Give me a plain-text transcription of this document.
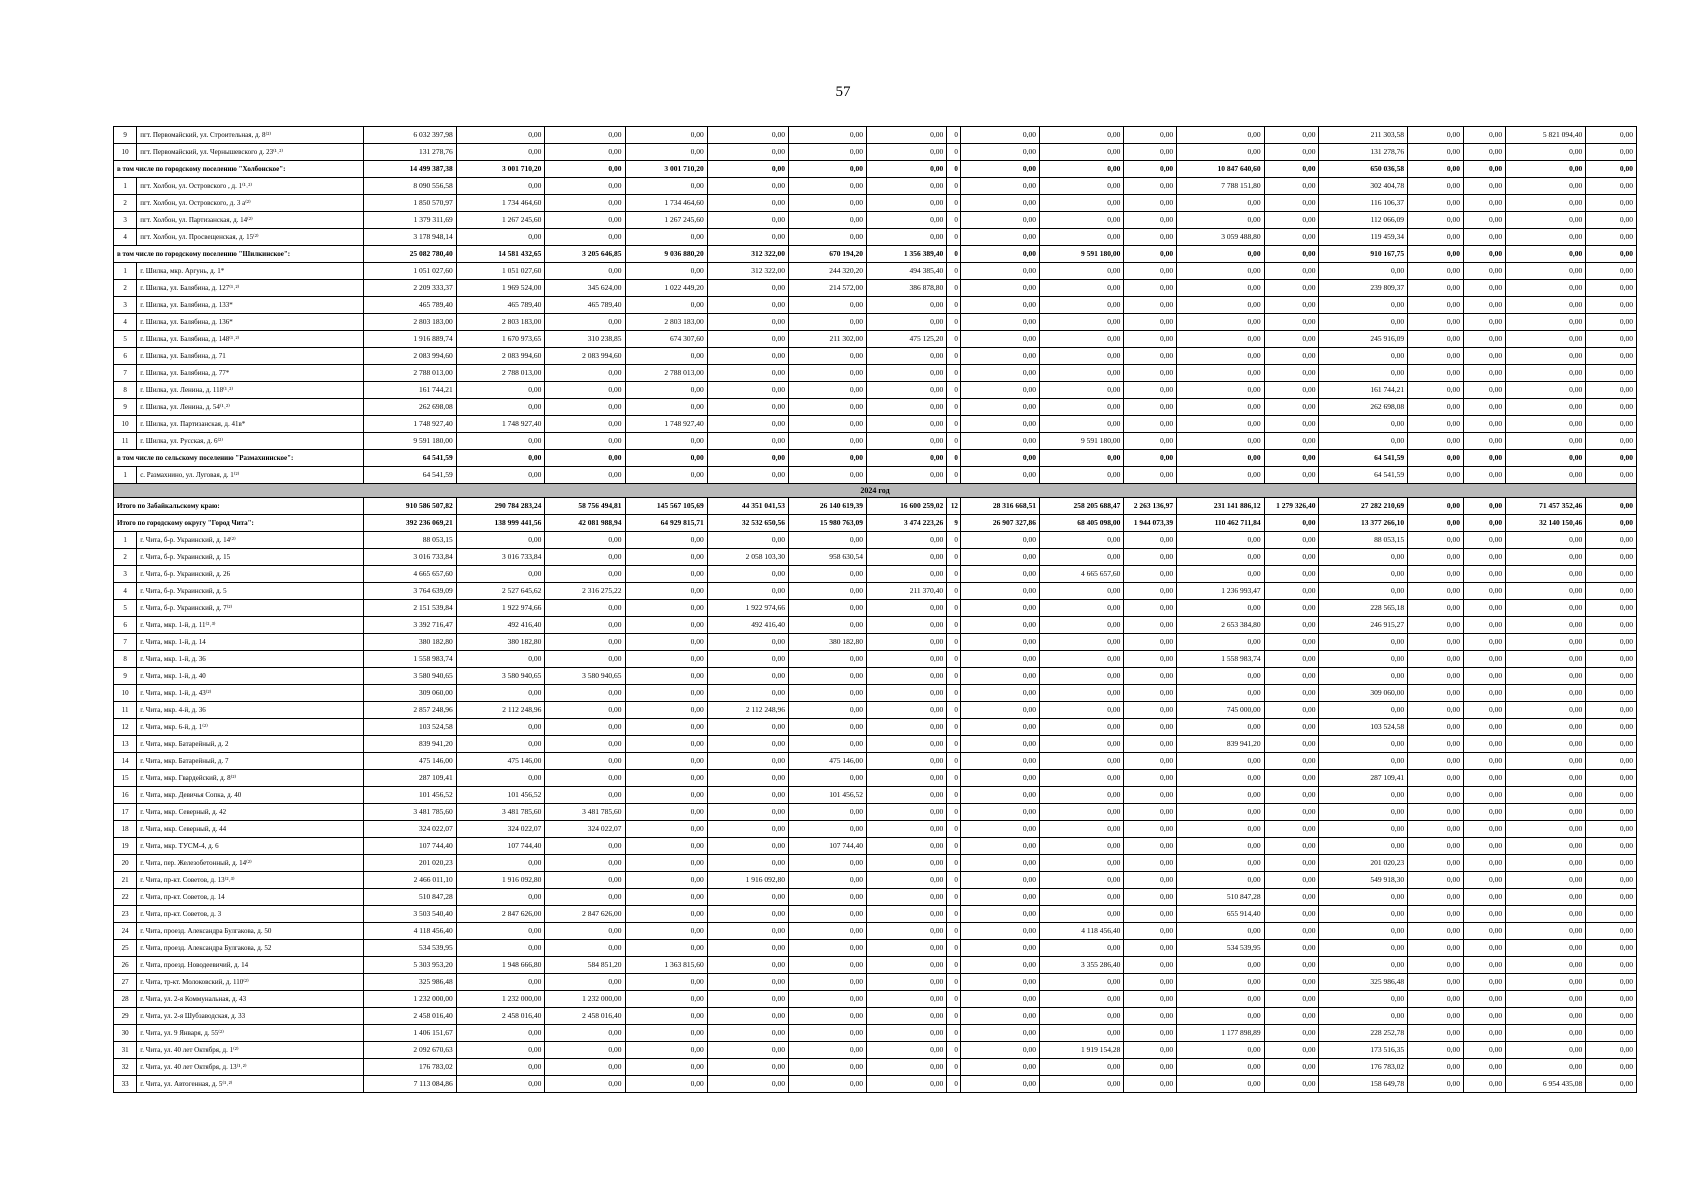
57
9	пгт. Первомайский, ул. Строительная, д. 8⁽²⁾	6 032 397,98	0,00	0,00	0,00	0,00	0,00	0,00	0	0,00	0,00	0,00	0,00	0,00	211 303,58	0,00	0,00	5 821 094,40	0,00
10	пгт. Первомайский, ул. Чернышевского д. 23⁽¹˒²⁾	131 278,76	0,00	0,00	0,00	0,00	0,00	0,00	0	0,00	0,00	0,00	0,00	0,00	131 278,76	0,00	0,00	0,00	0,00
в том числе по городскому поселению "Холбонское":		14 499 387,38	3 001 710,20	0,00	3 001 710,20	0,00	0,00	0,00	0	0,00	0,00	0,00	10 847 640,60	0,00	650 036,58	0,00	0,00	0,00	0,00
1	пгт. Холбон, ул. Островского , д. 1⁽¹˒²⁾	8 090 556,58	0,00	0,00	0,00	0,00	0,00	0,00	0	0,00	0,00	0,00	7 788 151,80	0,00	302 404,78	0,00	0,00	0,00	0,00
2	пгт. Холбон, ул. Островского, д. 3 а⁽²⁾	1 850 570,97	1 734 464,60	0,00	1 734 464,60	0,00	0,00	0,00	0	0,00	0,00	0,00	0,00	0,00	116 106,37	0,00	0,00	0,00	0,00
3	пгт. Холбон, ул. Партизанская, д. 14⁽²⁾	1 379 311,69	1 267 245,60	0,00	1 267 245,60	0,00	0,00	0,00	0	0,00	0,00	0,00	0,00	0,00	112 066,09	0,00	0,00	0,00	0,00
4	пгт. Холбон, ул. Просвещенская, д. 15⁽²⁾	3 178 948,14	0,00	0,00	0,00	0,00	0,00	0,00	0	0,00	0,00	0,00	3 059 488,80	0,00	119 459,34	0,00	0,00	0,00	0,00
в том числе по городскому поселению "Шилкинское":		25 082 780,40	14 581 432,65	3 205 646,85	9 036 880,20	312 322,00	670 194,20	1 356 389,40	0	0,00	9 591 180,00	0,00	0,00	0,00	910 167,75	0,00	0,00	0,00	0,00
1	г. Шилка, мкр. Аргунь, д. 1*	1 051 027,60	1 051 027,60	0,00	0,00	312 322,00	244 320,20	494 385,40	0	0,00	0,00	0,00	0,00	0,00	0,00	0,00	0,00	0,00	0,00
2	г. Шилка, ул. Балябина, д. 127⁽¹˒²⁾	2 209 333,37	1 969 524,00	345 624,00	1 022 449,20	0,00	214 572,00	386 878,80	0	0,00	0,00	0,00	0,00	0,00	239 809,37	0,00	0,00	0,00	0,00
3	г. Шилка, ул. Балябина, д. 133*	465 789,40	465 789,40	465 789,40	0,00	0,00	0,00	0,00	0	0,00	0,00	0,00	0,00	0,00	0,00	0,00	0,00	0,00	0,00
4	г. Шилка, ул. Балябина, д. 136*	2 803 183,00	2 803 183,00	0,00	2 803 183,00	0,00	0,00	0,00	0	0,00	0,00	0,00	0,00	0,00	0,00	0,00	0,00	0,00	0,00
5	г. Шилка, ул. Балябина, д. 148⁽¹˒²⁾	1 916 889,74	1 670 973,65	310 238,85	674 307,60	0,00	211 302,00	475 125,20	0	0,00	0,00	0,00	0,00	0,00	245 916,09	0,00	0,00	0,00	0,00
6	г. Шилка, ул. Балябина, д. 71	2 083 994,60	2 083 994,60	2 083 994,60	0,00	0,00	0,00	0,00	0	0,00	0,00	0,00	0,00	0,00	0,00	0,00	0,00	0,00	0,00
7	г. Шилка, ул. Балябина, д. 77*	2 788 013,00	2 788 013,00	0,00	2 788 013,00	0,00	0,00	0,00	0	0,00	0,00	0,00	0,00	0,00	0,00	0,00	0,00	0,00	0,00
8	г. Шилка, ул. Ленина, д. 118⁽¹˒²⁾	161 744,21	0,00	0,00	0,00	0,00	0,00	0,00	0	0,00	0,00	0,00	0,00	0,00	161 744,21	0,00	0,00	0,00	0,00
9	г. Шилка, ул. Ленина, д. 54⁽¹˒²⁾	262 698,08	0,00	0,00	0,00	0,00	0,00	0,00	0	0,00	0,00	0,00	0,00	0,00	262 698,08	0,00	0,00	0,00	0,00
10	г. Шилка, ул. Партизанская, д. 41в*	1 748 927,40	1 748 927,40	0,00	1 748 927,40	0,00	0,00	0,00	0	0,00	0,00	0,00	0,00	0,00	0,00	0,00	0,00	0,00	0,00
11	г. Шилка, ул. Русская, д. 6⁽²⁾	9 591 180,00	0,00	0,00	0,00	0,00	0,00	0,00	0	0,00	9 591 180,00	0,00	0,00	0,00	0,00	0,00	0,00	0,00	0,00
в том числе по сельскому поселению "Размахнинское":		64 541,59	0,00	0,00	0,00	0,00	0,00	0,00	0	0,00	0,00	0,00	0,00	0,00	64 541,59	0,00	0,00	0,00	0,00
1	с. Размахнино, ул. Луговая, д. 1⁽²⁾	64 541,59	0,00	0,00	0,00	0,00	0,00	0,00	0	0,00	0,00	0,00	0,00	0,00	64 541,59	0,00	0,00	0,00	0,00
2024 год																			
Итого по Забайкальскому краю:		910 586 507,82	290 784 283,24	58 756 494,81	145 567 105,69	44 351 041,53	26 140 619,39	16 600 259,02	12	28 316 668,51	258 205 688,47	2 263 136,97	231 141 886,12	1 279 326,40	27 282 210,69	0,00	0,00	71 457 352,46	0,00
Итого по городскому округу "Город Чита":		392 236 069,21	138 999 441,56	42 081 988,94	64 929 815,71	32 532 650,56	15 980 763,09	3 474 223,26	9	26 907 327,86	68 405 098,00	1 944 073,39	110 462 711,84	0,00	13 377 266,10	0,00	0,00	32 140 150,46	0,00
1	г. Чита, б-р. Украинский, д. 14⁽²⁾	88 053,15	0,00	0,00	0,00	0,00	0,00	0,00	0	0,00	0,00	0,00	0,00	0,00	88 053,15	0,00	0,00	0,00	0,00
2	г. Чита, б-р. Украинский, д. 15	3 016 733,84	3 016 733,84	0,00	0,00	2 058 103,30	958 630,54	0,00	0	0,00	0,00	0,00	0,00	0,00	0,00	0,00	0,00	0,00	0,00
3	г. Чита, б-р. Украинский, д. 26	4 665 657,60	0,00	0,00	0,00	0,00	0,00	0,00	0	0,00	4 665 657,60	0,00	0,00	0,00	0,00	0,00	0,00	0,00	0,00
4	г. Чита, б-р. Украинский, д. 5	3 764 639,09	2 527 645,62	2 316 275,22	0,00	0,00	0,00	211 370,40	0	0,00	0,00	0,00	1 236 993,47	0,00	0,00	0,00	0,00	0,00	0,00
5	г. Чита, б-р. Украинский, д. 7⁽²⁾	2 151 539,84	1 922 974,66	0,00	0,00	1 922 974,66	0,00	0,00	0	0,00	0,00	0,00	0,00	0,00	228 565,18	0,00	0,00	0,00	0,00
6	г. Чита, мкр. 1-й, д. 11⁽²˒³⁾	3 392 716,47	492 416,40	0,00	0,00	492 416,40	0,00	0,00	0	0,00	0,00	0,00	2 653 384,80	0,00	246 915,27	0,00	0,00	0,00	0,00
7	г. Чита, мкр. 1-й, д. 14	380 182,80	380 182,80	0,00	0,00	0,00	380 182,80	0,00	0	0,00	0,00	0,00	0,00	0,00	0,00	0,00	0,00	0,00	0,00
8	г. Чита, мкр. 1-й, д. 36	1 558 983,74	0,00	0,00	0,00	0,00	0,00	0,00	0	0,00	0,00	0,00	1 558 983,74	0,00	0,00	0,00	0,00	0,00	0,00
9	г. Чита, мкр. 1-й, д. 40	3 580 940,65	3 580 940,65	3 580 940,65	0,00	0,00	0,00	0,00	0	0,00	0,00	0,00	0,00	0,00	0,00	0,00	0,00	0,00	0,00
10	г. Чита, мкр. 1-й, д. 43⁽²⁾	309 060,00	0,00	0,00	0,00	0,00	0,00	0,00	0	0,00	0,00	0,00	0,00	0,00	309 060,00	0,00	0,00	0,00	0,00
11	г. Чита, мкр. 4-й, д. 36	2 857 248,96	2 112 248,96	0,00	0,00	2 112 248,96	0,00	0,00	0	0,00	0,00	0,00	745 000,00	0,00	0,00	0,00	0,00	0,00	0,00
12	г. Чита, мкр. 6-й, д. 1⁽²⁾	103 524,58	0,00	0,00	0,00	0,00	0,00	0,00	0	0,00	0,00	0,00	0,00	0,00	103 524,58	0,00	0,00	0,00	0,00
13	г. Чита, мкр. Батарейный, д. 2	839 941,20	0,00	0,00	0,00	0,00	0,00	0,00	0	0,00	0,00	0,00	839 941,20	0,00	0,00	0,00	0,00	0,00	0,00
14	г. Чита, мкр. Батарейный, д. 7	475 146,00	475 146,00	0,00	0,00	0,00	475 146,00	0,00	0	0,00	0,00	0,00	0,00	0,00	0,00	0,00	0,00	0,00	0,00
15	г. Чита, мкр. Гвардейский, д. 8⁽²⁾	287 109,41	0,00	0,00	0,00	0,00	0,00	0,00	0	0,00	0,00	0,00	0,00	0,00	287 109,41	0,00	0,00	0,00	0,00
16	г. Чита, мкр. Девичья Сопка, д. 40	101 456,52	101 456,52	0,00	0,00	0,00	101 456,52	0,00	0	0,00	0,00	0,00	0,00	0,00	0,00	0,00	0,00	0,00	0,00
17	г. Чита, мкр. Северный, д. 42	3 481 785,60	3 481 785,60	3 481 785,60	0,00	0,00	0,00	0,00	0	0,00	0,00	0,00	0,00	0,00	0,00	0,00	0,00	0,00	0,00
18	г. Чита, мкр. Северный, д. 44	324 022,07	324 022,07	324 022,07	0,00	0,00	0,00	0,00	0	0,00	0,00	0,00	0,00	0,00	0,00	0,00	0,00	0,00	0,00
19	г. Чита, мкр. ТУСМ-4, д. 6	107 744,40	107 744,40	0,00	0,00	0,00	107 744,40	0,00	0	0,00	0,00	0,00	0,00	0,00	0,00	0,00	0,00	0,00	0,00
20	г. Чита, пер. Железобетонный, д. 14⁽²⁾	201 020,23	0,00	0,00	0,00	0,00	0,00	0,00	0	0,00	0,00	0,00	0,00	0,00	201 020,23	0,00	0,00	0,00	0,00
21	г. Чита, пр-кт. Советов, д. 13⁽²˒³⁾	2 466 011,10	1 916 092,80	0,00	0,00	1 916 092,80	0,00	0,00	0	0,00	0,00	0,00	0,00	0,00	549 918,30	0,00	0,00	0,00	0,00
22	г. Чита, пр-кт. Советов, д. 14	510 847,28	0,00	0,00	0,00	0,00	0,00	0,00	0	0,00	0,00	0,00	510 847,28	0,00	0,00	0,00	0,00	0,00	0,00
23	г. Чита, пр-кт. Советов, д. 3	3 503 540,40	2 847 626,00	2 847 626,00	0,00	0,00	0,00	0,00	0	0,00	0,00	0,00	655 914,40	0,00	0,00	0,00	0,00	0,00	0,00
24	г. Чита, проезд. Александра Булгакова, д. 50	4 118 456,40	0,00	0,00	0,00	0,00	0,00	0,00	0	0,00	4 118 456,40	0,00	0,00	0,00	0,00	0,00	0,00	0,00	0,00
25	г. Чита, проезд. Александра Булгакова, д. 52	534 539,95	0,00	0,00	0,00	0,00	0,00	0,00	0	0,00	0,00	0,00	534 539,95	0,00	0,00	0,00	0,00	0,00	0,00
26	г. Чита, проезд. Новодеевичий, д. 14	5 303 953,20	1 948 666,80	584 851,20	1 363 815,60	0,00	0,00	0,00	0	0,00	3 355 286,40	0,00	0,00	0,00	0,00	0,00	0,00	0,00	0,00
27	г. Чита, тр-кт. Молоковский, д. 110⁽²⁾	325 986,48	0,00	0,00	0,00	0,00	0,00	0,00	0	0,00	0,00	0,00	0,00	0,00	325 986,48	0,00	0,00	0,00	0,00
28	г. Чита, ул. 2-я Коммунальная, д. 43	1 232 000,00	1 232 000,00	1 232 000,00	0,00	0,00	0,00	0,00	0	0,00	0,00	0,00	0,00	0,00	0,00	0,00	0,00	0,00	0,00
29	г. Чита, ул. 2-я Шубзаводская, д. 33	2 458 016,40	2 458 016,40	2 458 016,40	0,00	0,00	0,00	0,00	0	0,00	0,00	0,00	0,00	0,00	0,00	0,00	0,00	0,00	0,00
30	г. Чита, ул. 9 Января, д. 55⁽²⁾	1 406 151,67	0,00	0,00	0,00	0,00	0,00	0,00	0	0,00	0,00	0,00	1 177 898,89	0,00	228 252,78	0,00	0,00	0,00	0,00
31	г. Чита, ул. 40 лет Октября, д. 1⁽²⁾	2 092 670,63	0,00	0,00	0,00	0,00	0,00	0,00	0	0,00	1 919 154,28	0,00	0,00	0,00	173 516,35	0,00	0,00	0,00	0,00
32	г. Чита, ул. 40 лет Октября, д. 13⁽¹˒²⁾	176 783,02	0,00	0,00	0,00	0,00	0,00	0,00	0	0,00	0,00	0,00	0,00	0,00	176 783,02	0,00	0,00	0,00	0,00
33	г. Чита, ул. Автогенная, д. 5⁽¹˒²⁾	7 113 084,86	0,00	0,00	0,00	0,00	0,00	0,00	0	0,00	0,00	0,00	0,00	0,00	158 649,78	0,00	0,00	6 954 435,08	0,00
